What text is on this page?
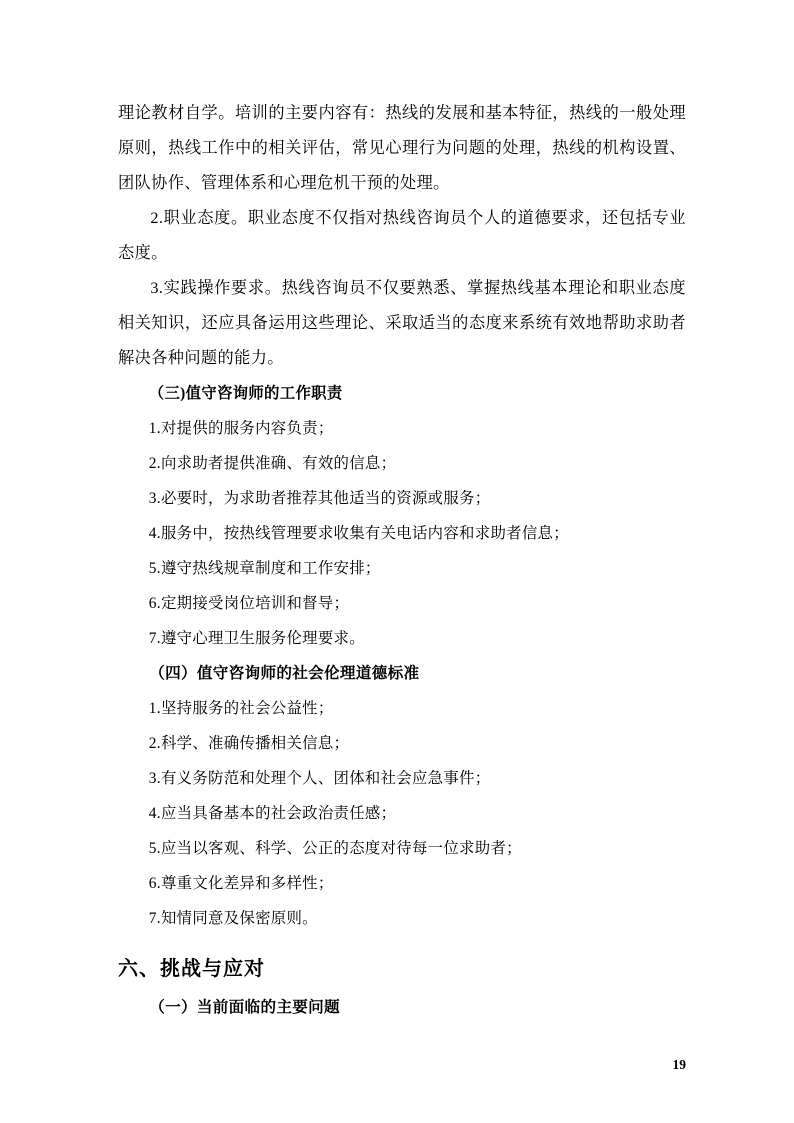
理论教材自学。培训的主要内容有：热线的发展和基本特征，热线的一般处理原则，热线工作中的相关评估，常见心理行为问题的处理，热线的机构设置、团队协作、管理体系和心理危机干预的处理。

2.职业态度。职业态度不仅指对热线咨询员个人的道德要求，还包括专业态度。

3.实践操作要求。热线咨询员不仅要熟悉、掌握热线基本理论和职业态度相关知识，还应具备运用这些理论、采取适当的态度来系统有效地帮助求助者解决各种问题的能力。

（三)值守咨询师的工作职责

1.对提供的服务内容负责；

2.向求助者提供准确、有效的信息；

3.必要时，为求助者推荐其他适当的资源或服务；

4.服务中，按热线管理要求收集有关电话内容和求助者信息；

5.遵守热线规章制度和工作安排；

6.定期接受岗位培训和督导；

7.遵守心理卫生服务伦理要求。

（四）值守咨询师的社会伦理道德标准

1.坚持服务的社会公益性；

2.科学、准确传播相关信息；

3.有义务防范和处理个人、团体和社会应急事件；

4.应当具备基本的社会政治责任感；

5.应当以客观、科学、公正的态度对待每一位求助者；

6.尊重文化差异和多样性；

7.知情同意及保密原则。

六、挑战与应对

（一）当前面临的主要问题

19
